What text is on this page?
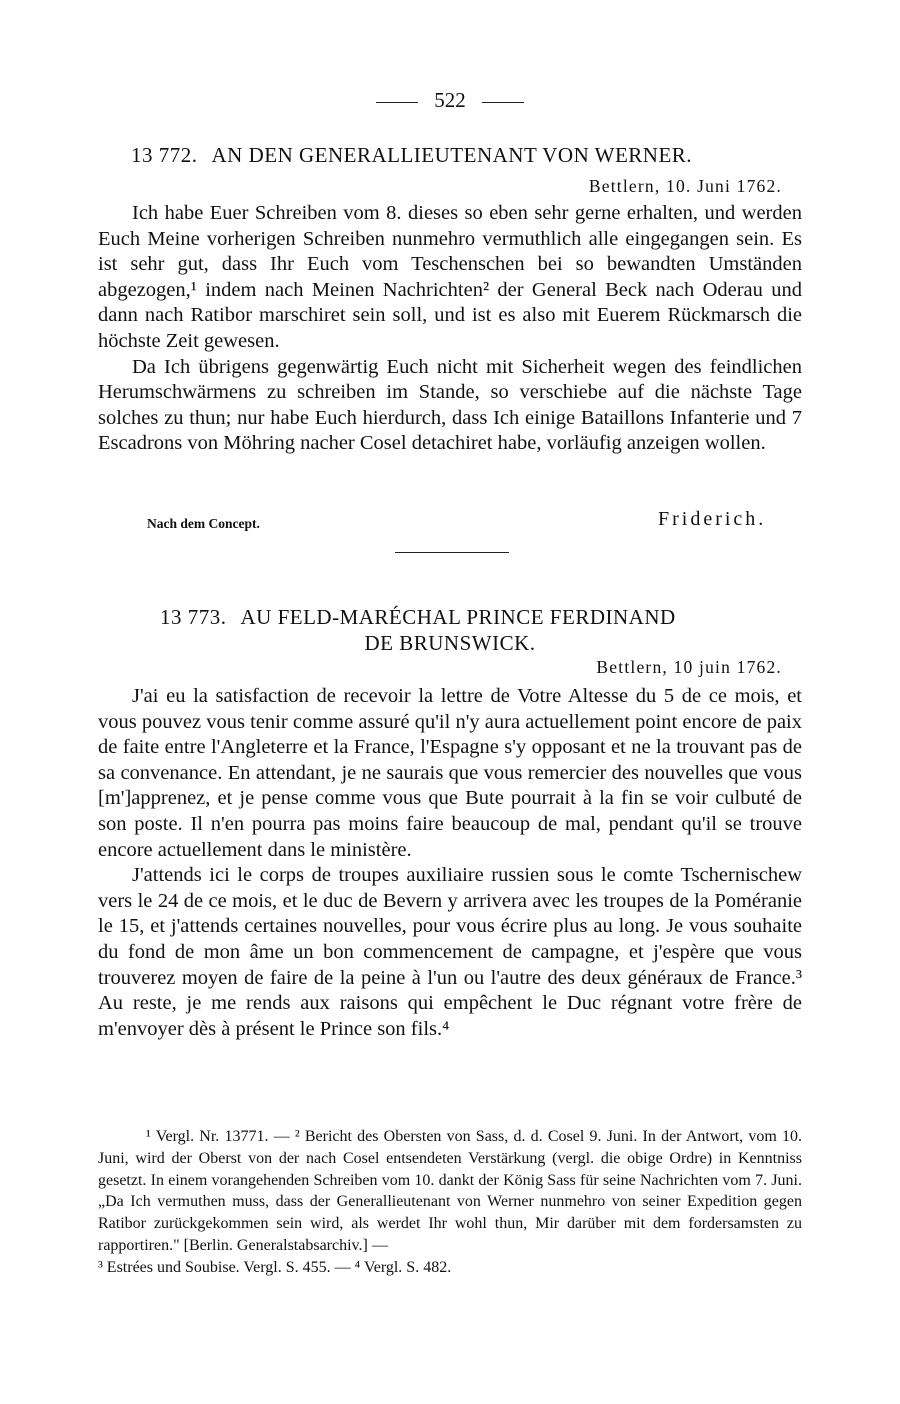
522
13 772. AN DEN GENERALLIEUTENANT VON WERNER.
Bettlern, 10. Juni 1762.

Ich habe Euer Schreiben vom 8. dieses so eben sehr gerne erhalten, und werden Euch Meine vorherigen Schreiben nunmehro vermuthlich alle eingegangen sein. Es ist sehr gut, dass Ihr Euch vom Teschenschen bei so bewandten Umständen abgezogen,¹ indem nach Meinen Nachrichten² der General Beck nach Oderau und dann nach Ratibor marschiret sein soll, und ist es also mit Euerem Rückmarsch die höchste Zeit gewesen.

Da Ich übrigens gegenwärtig Euch nicht mit Sicherheit wegen des feindlichen Herumschwärmens zu schreiben im Stande, so verschiebe auf die nächste Tage solches zu thun; nur habe Euch hierdurch, dass Ich einige Bataillons Infanterie und 7 Escadrons von Möhring nacher Cosel detachiret habe, vorläufig anzeigen wollen.

Nach dem Concept.	Friderich.
13 773. AU FELD-MARÉCHAL PRINCE FERDINAND
DE BRUNSWICK.
Bettlern, 10 juin 1762.

J'ai eu la satisfaction de recevoir la lettre de Votre Altesse du 5 de ce mois, et vous pouvez vous tenir comme assuré qu'il n'y aura actuellement point encore de paix de faite entre l'Angleterre et la France, l'Espagne s'y opposant et ne la trouvant pas de sa convenance. En attendant, je ne saurais que vous remercier des nouvelles que vous [m']apprenez, et je pense comme vous que Bute pourrait à la fin se voir culbuté de son poste. Il n'en pourra pas moins faire beaucoup de mal, pendant qu'il se trouve encore actuellement dans le ministère.

J'attends ici le corps de troupes auxiliaire russien sous le comte Tschernischew vers le 24 de ce mois, et le duc de Bevern y arrivera avec les troupes de la Poméranie le 15, et j'attends certaines nouvelles, pour vous écrire plus au long. Je vous souhaite du fond de mon âme un bon commencement de campagne, et j'espère que vous trouverez moyen de faire de la peine à l'un ou l'autre des deux généraux de France.³ Au reste, je me rends aux raisons qui empêchent le Duc régnant votre frère de m'envoyer dès à présent le Prince son fils.⁴

¹ Vergl. Nr. 13771. — ² Bericht des Obersten von Sass, d. d. Cosel 9. Juni. In der Antwort, vom 10. Juni, wird der Oberst von der nach Cosel entsendeten Verstärkung (vergl. die obige Ordre) in Kenntniss gesetzt. In einem vorangehenden Schreiben vom 10. dankt der König Sass für seine Nachrichten vom 7. Juni. „Da Ich vermuthen muss, dass der Generallieutenant von Werner nunmehro von seiner Expedition gegen Ratibor zurückgekommen sein wird, als werdet Ihr wohl thun, Mir darüber mit dem fordersamsten zu rapportiren." [Berlin. Generalstabsarchiv.] —

³ Estrées und Soubise. Vergl. S. 455. — ⁴ Vergl. S. 482.
